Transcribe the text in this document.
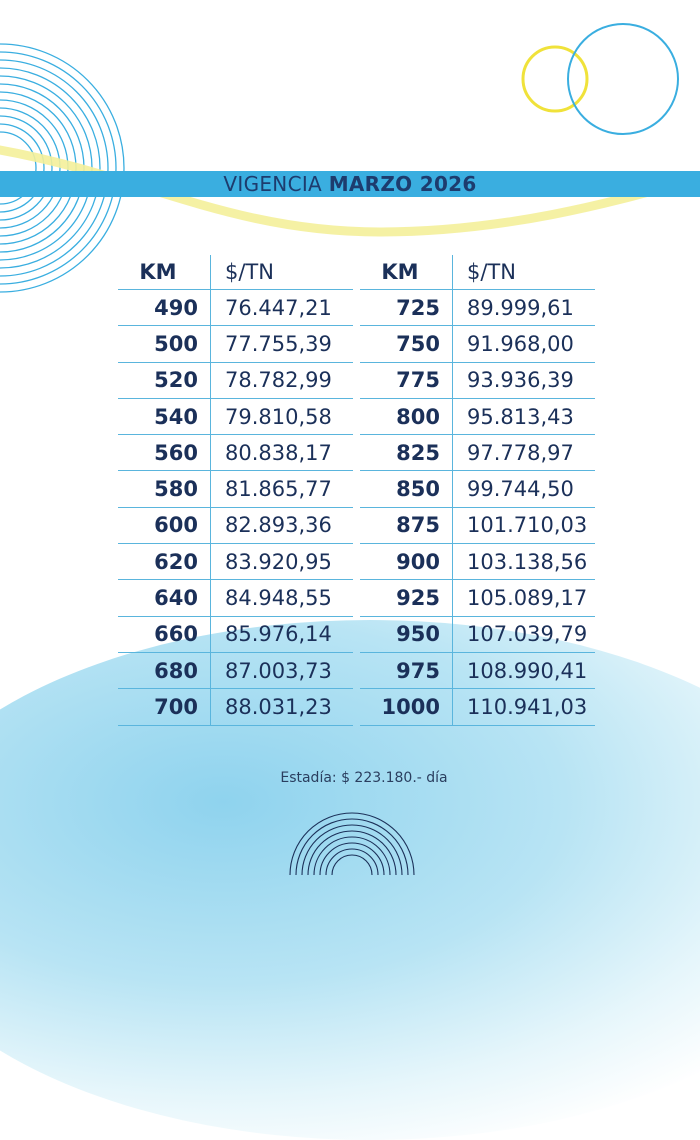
VIGENCIA MARZO 2026
KM	$/TN
490	76.447,21
500	77.755,39
520	78.782,99
540	79.810,58
560	80.838,17
580	81.865,77
600	82.893,36
620	83.920,95
640	84.948,55
660	85.976,14
680	87.003,73
700	88.031,23
KM	$/TN
725	89.999,61
750	91.968,00
775	93.936,39
800	95.813,43
825	97.778,97
850	99.744,50
875	101.710,03
900	103.138,56
925	105.089,17
950	107.039,79
975	108.990,41
1000	110.941,03
Estadía: $ 223.180.- día
